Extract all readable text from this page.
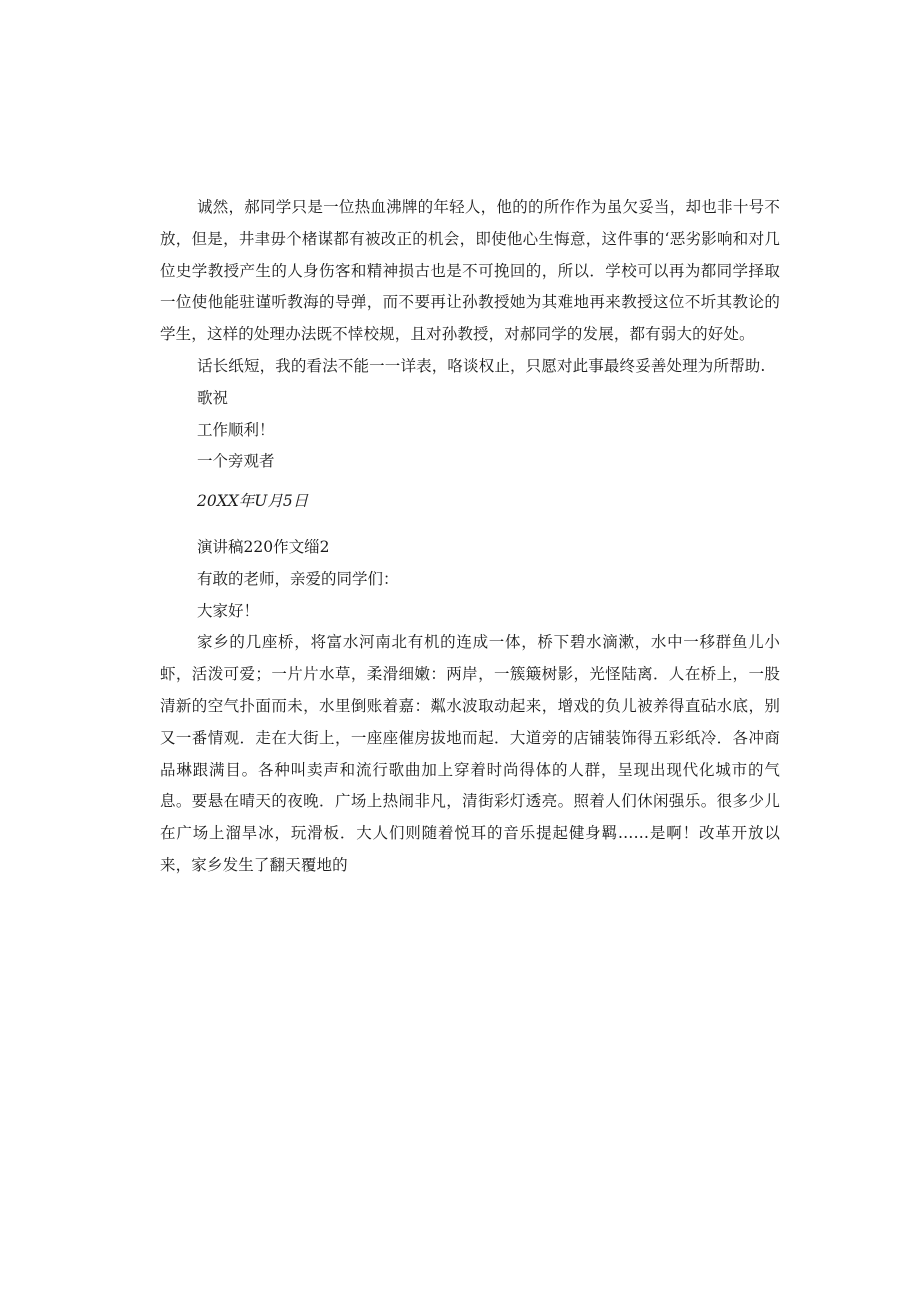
诚然，郝同学只是一位热血沸牌的年轻人，他的的所作作为虽欠妥当，却也非十号不放，但是，井聿毋个楮谋都有被改正的机会，即使他心生悔意，这件事的‘恶劣影响和对几位史学教授产生的人身伤客和精神损古也是不可挽回的，所以．学校可以再为都同学择取一位使他能驻谨听教海的导弹，而不要再让孙教授她为其难地再来教授这位不圻其教论的学生，这样的处理办法既不悻校规，且对孙教授，对郝同学的发展，都有弱大的好处。

话长纸短，我的看法不能一一详表，咯谈权止，只愿对此事最终妥善处理为所帮助.

歌祝

工作顺利！

一个旁观者

20XX年U月5日

演讲稿220作文缁2

有敢的老师，亲爱的同学们：

大家好！

家乡的几座桥，将富水河南北有机的连成一体，桥下碧水滴漱，水中一移群鱼儿小虾，活泼可爱；一片片水草，柔滑细嫩：两岸，一簇簸树影，光怪陆离．人在桥上，一股清新的空气扑面而未，水里倒账着嘉：粼水波取动起来，增戏的负儿被养得直砧水底，别又一番情观．走在大街上，一座座催房拔地而起．大道旁的店铺装饰得五彩纸冷．各冲商品琳跟满目。各种叫卖声和流行歌曲加上穿着时尚得体的人群，呈现出现代化城市的气息。要悬在晴天的夜晚．广场上热闹非凡，清街彩灯透亮。照着人们休闲强乐。很多少儿在广场上溜旱冰，玩滑板．大人们则随着悦耳的音乐提起健身羁……是啊！改革开放以来，家乡发生了翻天覆地的
